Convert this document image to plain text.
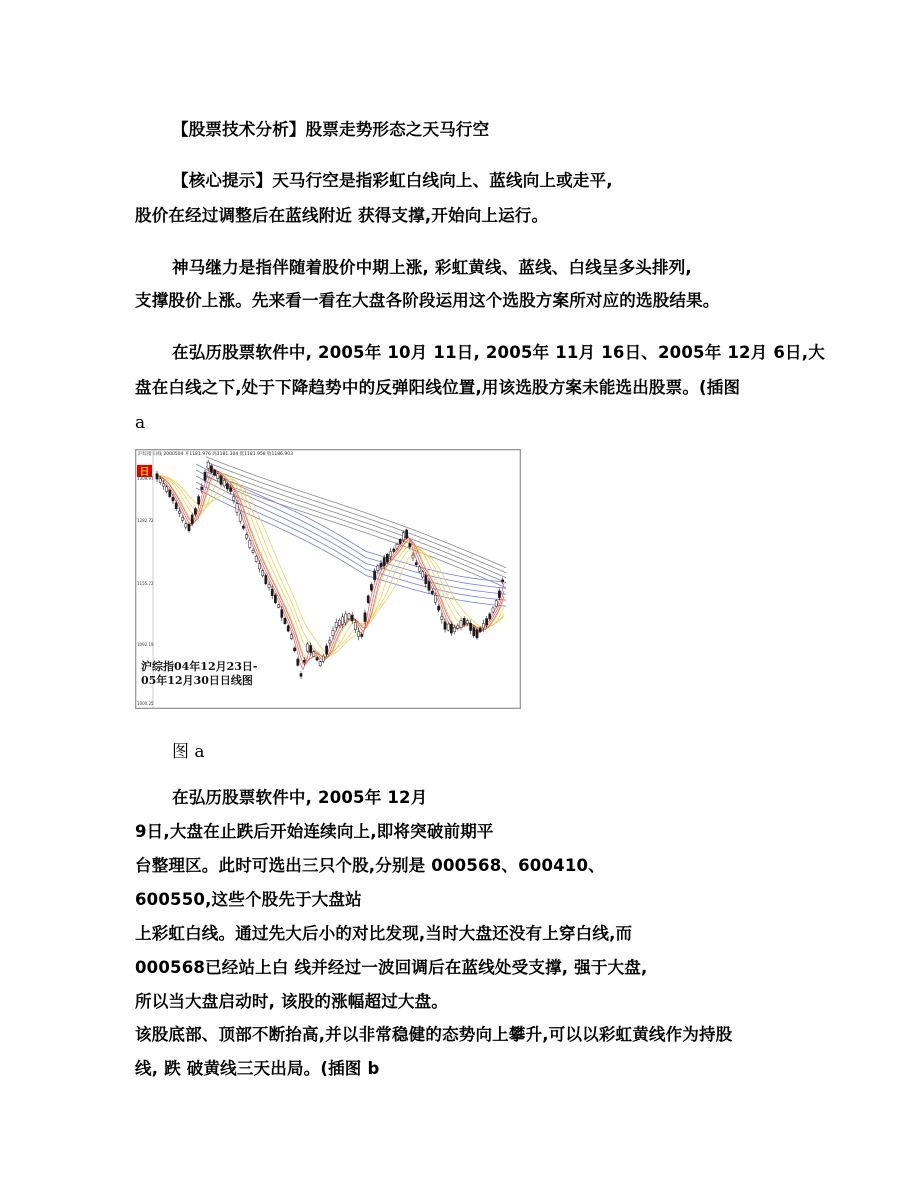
【股票技术分析】股票走势形态之天马行空
【核心提示】天马行空是指彩虹白线向上、蓝线向上或走平,
股价在经过调整后在蓝线附近 获得支撑,开始向上运行。
神马继力是指伴随着股价中期上涨, 彩虹黄线、蓝线、白线呈多头排列,
支撑股价上涨。先来看一看在大盘各阶段运用这个选股方案所对应的选股结果。
在弘历股票软件中, 2005年 10月 11日, 2005年 11月 16日、2005年 12月 6日,大
盘在白线之下,处于下降趋势中的反弹阳线位置,用该选股方案未能选出股票。(插图
a
沪综指 日线 2000504 开1181.976 高1181.304 低1181.958 收1186.903
日
1309.97
1282.72
1155.72
1092.19
1000.25
沪综指04年12月23日-
05年12月30日日线图
图 a
在弘历股票软件中, 2005年 12月
9日,大盘在止跌后开始连续向上,即将突破前期平
台整理区。此时可选出三只个股,分别是 000568、600410、
600550,这些个股先于大盘站
上彩虹白线。通过先大后小的对比发现,当时大盘还没有上穿白线,而
000568已经站上白 线并经过一波回调后在蓝线处受支撑, 强于大盘,
所以当大盘启动时, 该股的涨幅超过大盘。
该股底部、顶部不断抬高,并以非常稳健的态势向上攀升,可以以彩虹黄线作为持股
线, 跌 破黄线三天出局。(插图 b
